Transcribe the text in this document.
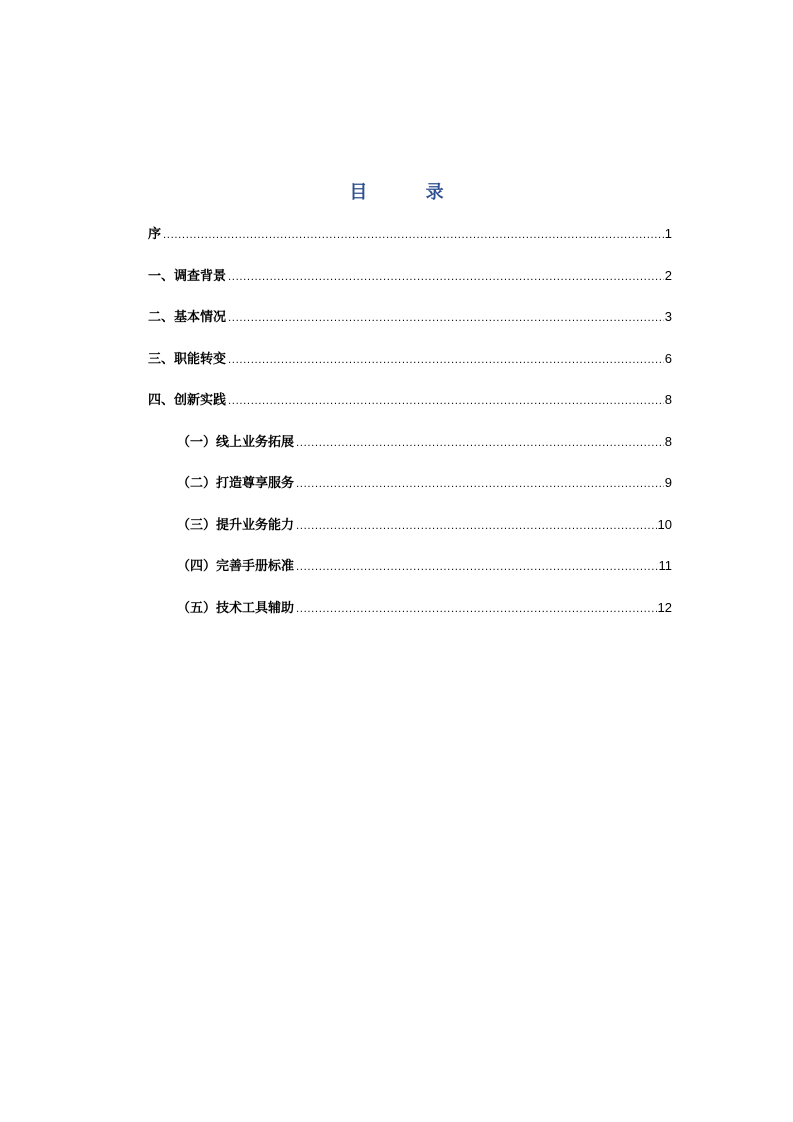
目 录
序 .....	1
一、调查背景 .....	2
二、基本情况 .....	3
三、职能转变 .....	6
四、创新实践 .....	8
（一）线上业务拓展 .....	8
（二）打造尊享服务 .....	9
（三）提升业务能力 .....	10
（四）完善手册标准 .....	11
（五）技术工具辅助 .....	12
